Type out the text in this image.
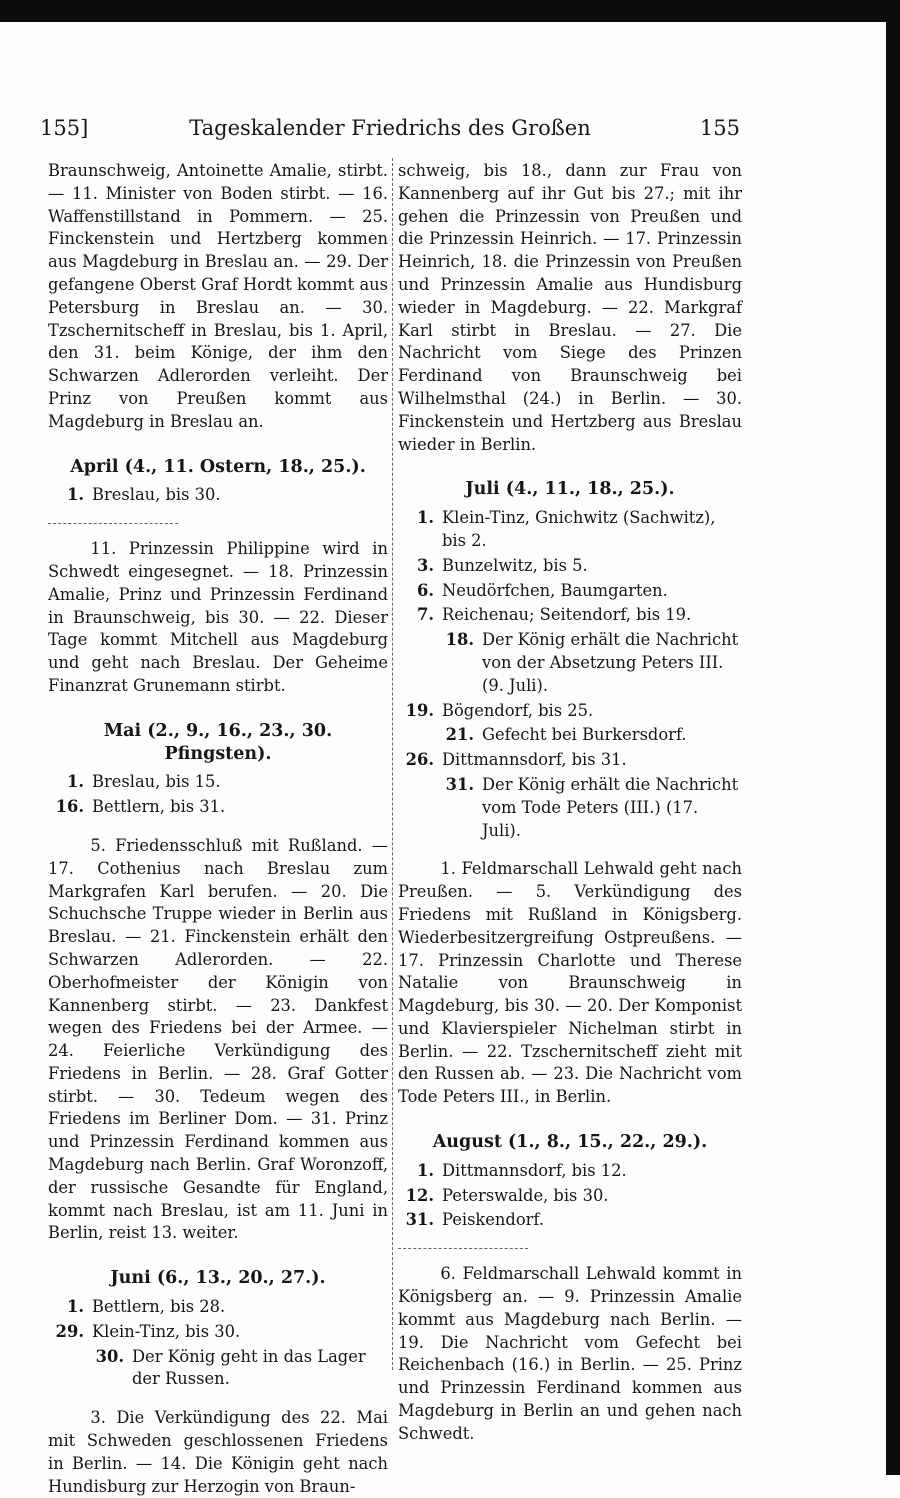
155]	Tageskalender Friedrichs des Großen	155

Braunschweig, Antoinette Amalie, stirbt. — 11. Minister von Boden stirbt. — 16. Waffenstillstand in Pommern. — 25. Finckenstein und Hertzberg kommen aus Magdeburg in Breslau an. — 29. Der gefangene Oberst Graf Hordt kommt aus Petersburg in Breslau an. — 30. Tzschernitscheff in Breslau, bis 1. April, den 31. beim Könige, der ihm den Schwarzen Adlerorden verleiht. Der Prinz von Preußen kommt aus Magdeburg in Breslau an.

April (4., 11. Ostern, 18., 25.).
1. Breslau, bis 30.

11. Prinzessin Philippine wird in Schwedt eingesegnet. — 18. Prinzessin Amalie, Prinz und Prinzessin Ferdinand in Braunschweig, bis 30. — 22. Dieser Tage kommt Mitchell aus Magdeburg und geht nach Breslau. Der Geheime Finanzrat Grunemann stirbt.

Mai (2., 9., 16., 23., 30. Pfingsten).
1. Breslau, bis 15.
16. Bettlern, bis 31.

5. Friedensschluß mit Rußland. — 17. Cothenius nach Breslau zum Markgrafen Karl berufen. — 20. Die Schuchsche Truppe wieder in Berlin aus Breslau. — 21. Finckenstein erhält den Schwarzen Adlerorden. — 22. Oberhofmeister der Königin von Kannenberg stirbt. — 23. Dankfest wegen des Friedens bei der Armee. — 24. Feierliche Verkündigung des Friedens in Berlin. — 28. Graf Gotter stirbt. — 30. Tedeum wegen des Friedens im Berliner Dom. — 31. Prinz und Prinzessin Ferdinand kommen aus Magdeburg nach Berlin. Graf Woronzoff, der russische Gesandte für England, kommt nach Breslau, ist am 11. Juni in Berlin, reist 13. weiter.

Juni (6., 13., 20., 27.).
1. Bettlern, bis 28.
29. Klein-Tinz, bis 30.
30. Der König geht in das Lager der Russen.

3. Die Verkündigung des 22. Mai mit Schweden geschlossenen Friedens in Berlin. — 14. Die Königin geht nach Hundisburg zur Herzogin von Braun-

schweig, bis 18., dann zur Frau von Kannenberg auf ihr Gut bis 27.; mit ihr gehen die Prinzessin von Preußen und die Prinzessin Heinrich. — 17. Prinzessin Heinrich, 18. die Prinzessin von Preußen und Prinzessin Amalie aus Hundisburg wieder in Magdeburg. — 22. Markgraf Karl stirbt in Breslau. — 27. Die Nachricht vom Siege des Prinzen Ferdinand von Braunschweig bei Wilhelmsthal (24.) in Berlin. — 30. Finckenstein und Hertzberg aus Breslau wieder in Berlin.

Juli (4., 11., 18., 25.).
1. Klein-Tinz, Gnichwitz (Sachwitz), bis 2.
3. Bunzelwitz, bis 5.
6. Neudörfchen, Baumgarten.
7. Reichenau; Seitendorf, bis 19.
18. Der König erhält die Nachricht von der Absetzung Peters III. (9. Juli).
19. Bögendorf, bis 25.
21. Gefecht bei Burkersdorf.
26. Dittmannsdorf, bis 31.
31. Der König erhält die Nachricht vom Tode Peters (III.) (17. Juli).

1. Feldmarschall Lehwald geht nach Preußen. — 5. Verkündigung des Friedens mit Rußland in Königsberg. Wiederbesitzergreifung Ostpreußens. — 17. Prinzessin Charlotte und Therese Natalie von Braunschweig in Magdeburg, bis 30. — 20. Der Komponist und Klavierspieler Nichelman stirbt in Berlin. — 22. Tzschernitscheff zieht mit den Russen ab. — 23. Die Nachricht vom Tode Peters III., in Berlin.

August (1., 8., 15., 22., 29.).
1. Dittmannsdorf, bis 12.
12. Peterswalde, bis 30.
31. Peiskendorf.

6. Feldmarschall Lehwald kommt in Königsberg an. — 9. Prinzessin Amalie kommt aus Magdeburg nach Berlin. — 19. Die Nachricht vom Gefecht bei Reichenbach (16.) in Berlin. — 25. Prinz und Prinzessin Ferdinand kommen aus Magdeburg in Berlin an und gehen nach Schwedt.
